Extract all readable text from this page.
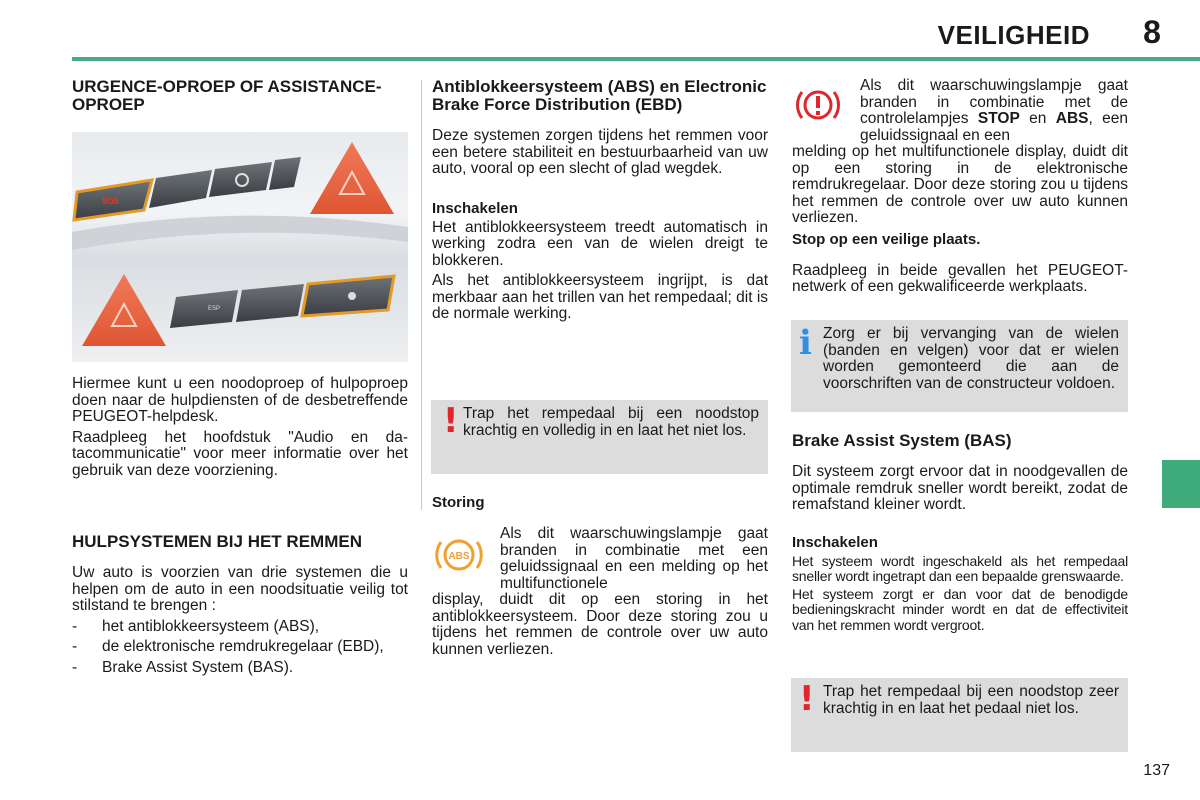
VEILIGHEID	8
URGENCE-OPROEP OF ASSISTANCE-OPROEP
SOS
ESP

Hiermee kunt u een noodoproep of hulpoproep doen naar de hulpdiensten of de desbetreffende PEUGEOT-helpdesk.

Raadpleeg het hoofdstuk "Audio en datacommunicatie" voor meer informatie over het gebruik van deze voorziening.

HULPSYSTEMEN BIJ HET REMMEN

Uw auto is voorzien van drie systemen die u helpen om de auto in een noodsituatie veilig tot stilstand te brengen :

- het antiblokkeersysteem (ABS),
- de elektronische remdrukregelaar (EBD),
- Brake Assist System (BAS).
Antiblokkeersysteem (ABS) en Electronic Brake Force Distribution (EBD)

Deze systemen zorgen tijdens het remmen voor een betere stabiliteit en bestuurbaarheid van uw auto, vooral op een slecht of glad wegdek.

Inschakelen

Het antiblokkeersysteem treedt automatisch in werking zodra een van de wielen dreigt te blokkeren.

Als het antiblokkeersysteem ingrijpt, is dat merkbaar aan het trillen van het rempedaal; dit is de normale werking.

! Trap het rempedaal bij een noodstop krachtig en volledig in en laat het niet los.

Storing
ABS

Als dit waarschuwingslampje gaat branden in combinatie met een geluidssignaal en een melding op het multifunctionele

display, duidt dit op een storing in het antiblokkeersysteem. Door deze storing zou u tijdens het remmen de controle over uw auto kunnen verliezen.

Als dit waarschuwingslampje gaat branden in combinatie met de controlelampjes STOP en ABS, een geluidssignaal en een

melding op het multifunctionele display, duidt dit op een storing in de elektronische remdrukregelaar. Door deze storing zou u tijdens het remmen de controle over uw auto kunnen verliezen.

Stop op een veilige plaats.

Raadpleeg in beide gevallen het PEUGEOT-netwerk of een gekwalificeerde werkplaats.

i Zorg er bij vervanging van de wielen (banden en velgen) voor dat er wielen worden gemonteerd die aan de voorschriften van de constructeur voldoen.

Brake Assist System (BAS)

Dit systeem zorgt ervoor dat in noodgevallen de optimale remdruk sneller wordt bereikt, zodat de remafstand kleiner wordt.

Inschakelen

Het systeem wordt ingeschakeld als het rempedaal sneller wordt ingetrapt dan een bepaalde grenswaarde.

Het systeem zorgt er dan voor dat de benodigde bedieningskracht minder wordt en dat de effectiviteit van het remmen wordt vergroot.

! Trap het rempedaal bij een noodstop zeer krachtig in en laat het pedaal niet los.

137
